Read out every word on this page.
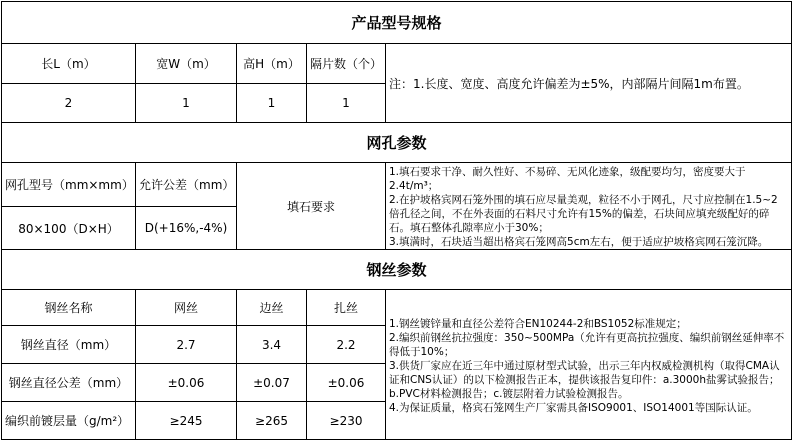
产品型号规格				
长L（m）	宽W（m）	高H（m）	隔片数（个）	注：1.长度、宽度、高度允许偏差为±5%，内部隔片间隔1m布置。
2	1	1	1	
网孔参数				
网孔型号（mm×mm）	允许公差（mm）	填石要求		1.填石要求干净、耐久性好、不易碎、无风化迹象，级配要均匀，密度要大于2.4t/m³；
2.在护坡格宾网石笼外围的填石应尽量美观，粒径不小于网孔，尺寸应控制在1.5~2倍孔径之间，不在外表面的石料尺寸允许有15%的偏差，石块间应填充级配好的碎石。填石整体孔隙率应小于30%；
3.填满时，石块适当超出格宾石笼网高5cm左右，便于适应护坡格宾网石笼沉降。

80×100（D×H）	D(+16%,-4%)			
钢丝参数				
钢丝名称	网丝	边丝	扎丝	1.钢丝镀锌量和直径公差符合EN10244-2和BS1052标准规定；
2.编织前钢丝抗拉强度：350~500MPa（允许有更高抗拉强度、编织前钢丝延伸率不得低于10%；
3.供货厂家应在近三年中通过原材型式试验，出示三年内权威检测机构（取得CMA认证和CNS认证）的以下检测报告正本，提供该报告复印件：a.3000h盐雾试验报告；b.PVC材料检测报告；c.镀层附着力试验检测报告。
4.为保证质量，格宾石笼网生产厂家需具备ISO9001、ISO14001等国际认证。

钢丝直径（mm）	2.7	3.4	2.2	
钢丝直径公差（mm）	±0.06	±0.07	±0.06	
编织前镀层量（g/m²）	≥245	≥265	≥230	
